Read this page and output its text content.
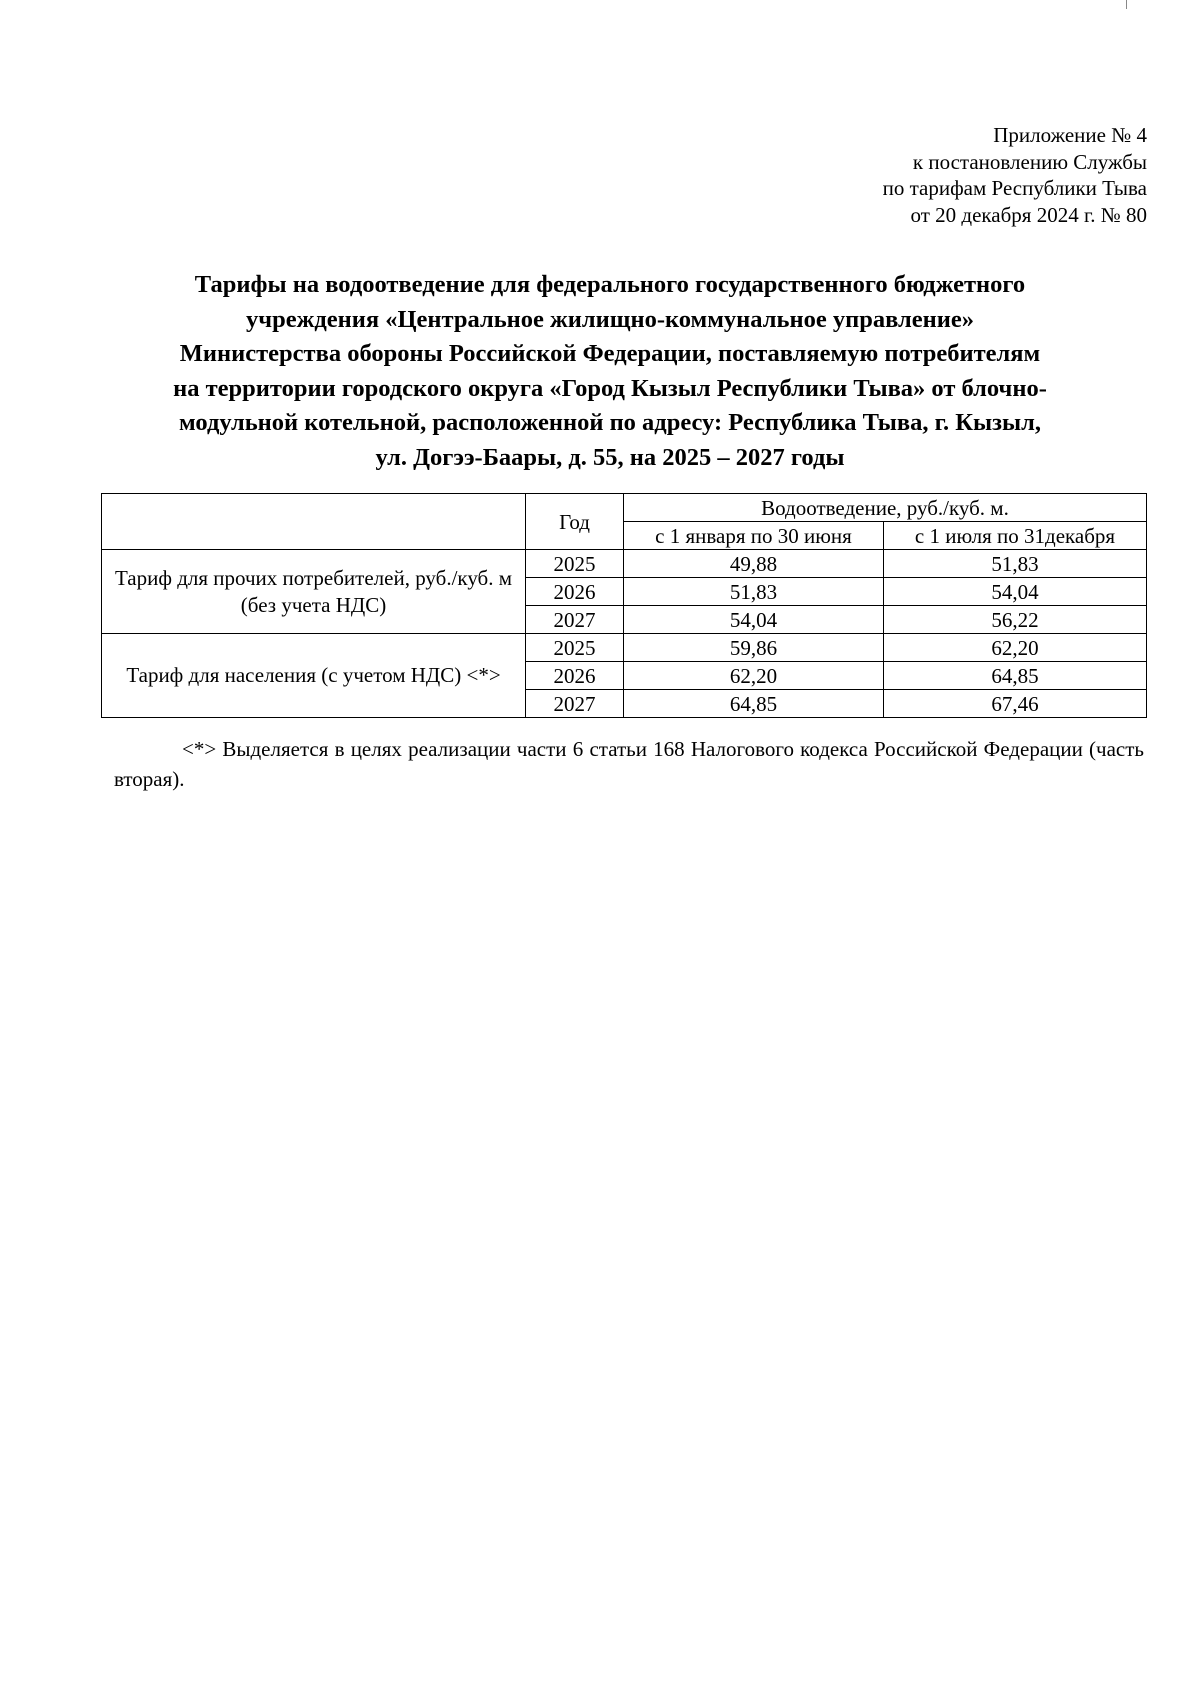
Приложение № 4
к постановлению Службы
по тарифам Республики Тыва
от 20 декабря 2024 г. № 80
Тарифы на водоотведение для федерального государственного бюджетного
учреждения «Центральное жилищно-коммунальное управление»
Министерства обороны Российской Федерации, поставляемую потребителям
на территории городского округа «Город Кызыл Республики Тыва» от блочно-
модульной котельной, расположенной по адресу: Республика Тыва, г. Кызыл,
ул. Догээ-Баары, д. 55, на 2025 – 2027 годы
	Год	Водоотведение, руб./куб. м.	
		с 1 января по 30 июня	с 1 июля по 31декабря
Тариф для прочих потребителей, руб./куб. м (без учета НДС)	2025	49,88	51,83
	2026	51,83	54,04
	2027	54,04	56,22
Тариф для населения (с учетом НДС) <*>	2025	59,86	62,20
	2026	62,20	64,85
	2027	64,85	67,46
<*> Выделяется в целях реализации части 6 статьи 168 Налогового кодекса Российской Федерации (часть вторая).
